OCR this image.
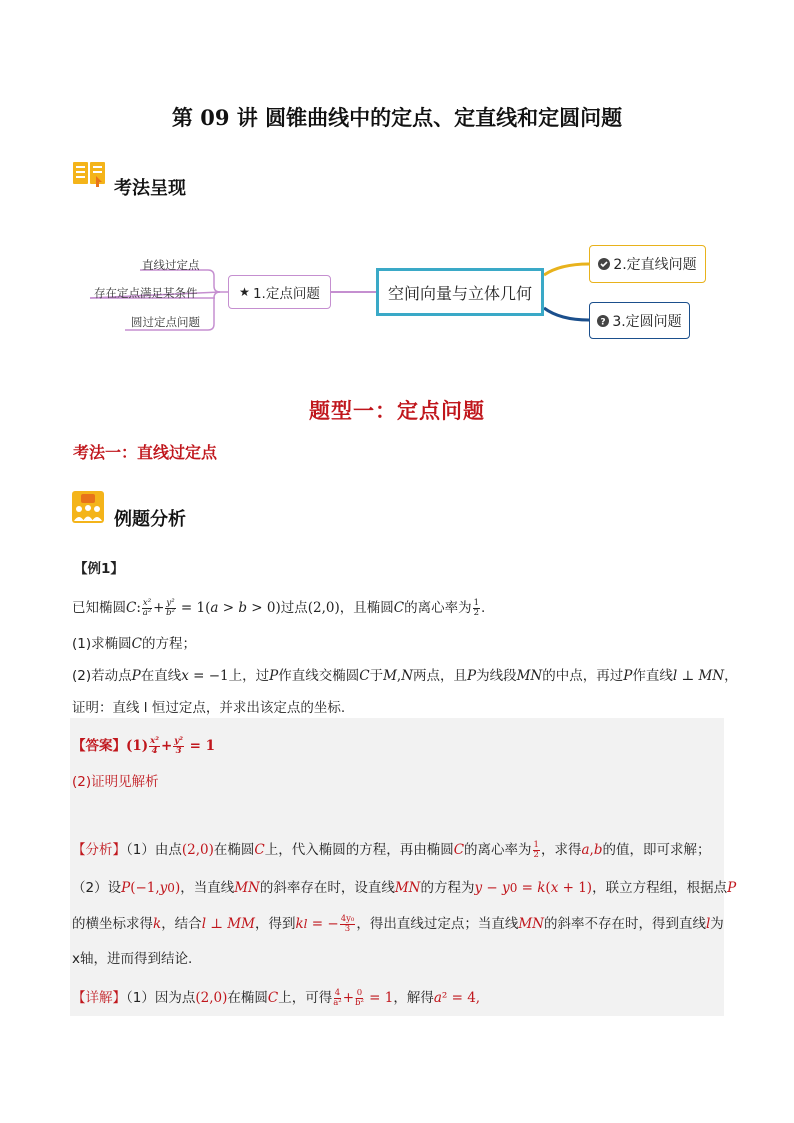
第 09 讲 圆锥曲线中的定点、定直线和定圆问题
考法呈现
直线过定点
存在定点满足某条件
圆过定点问题
★ 1.定点问题	空间向量与立体几何
2.定直线问题
? 3.定圆问题
题型一：定点问题
考法一：直线过定点
例题分析
【例1】
已知椭圆C: $\frac{\text{x²}}{\text{a²}} + \frac{\text{y²}}{\text{b²}} = 1(a > b > 0)$过点(2,0)，且椭圆C的离心率为 $\frac{1}{2}$ .
(1)求椭圆C的方程；
(2)若动点P在直线x = −1上，过P作直线交椭圆C于M,N两点，且P为线段MN的中点，再过P作直线l ⊥ MN，
证明：直线 l 恒过定点，并求出该定点的坐标.
【答案】$(1) \frac{\text{x²}}{4} + \frac{\text{y²}}{3} = 1$
(2)证明见解析
【分析】（1）由点(2,0)在椭圆C上，代入椭圆的方程，再由椭圆C的离心率为 $\frac{1}{2}$ ，求得a,b的值，即可求解；
（2）设P(−1,y0)，当直线MN的斜率存在时，设直线MN的方程为y − y0 = k(x + 1)，联立方程组，根据点P
的横坐标求得k，结合l ⊥ MM，得到kl = − $\frac{\text{4y₀}}{3}$ ，得出直线过定点；当直线MN的斜率不存在时，得到直线l为
x轴，进而得到结论.
【详解】（1）因为点(2,0)在椭圆C上，可得 $\frac{4}{\text{a²}} + \frac{0}{\text{b²}} = 1$，解得a² = 4,
